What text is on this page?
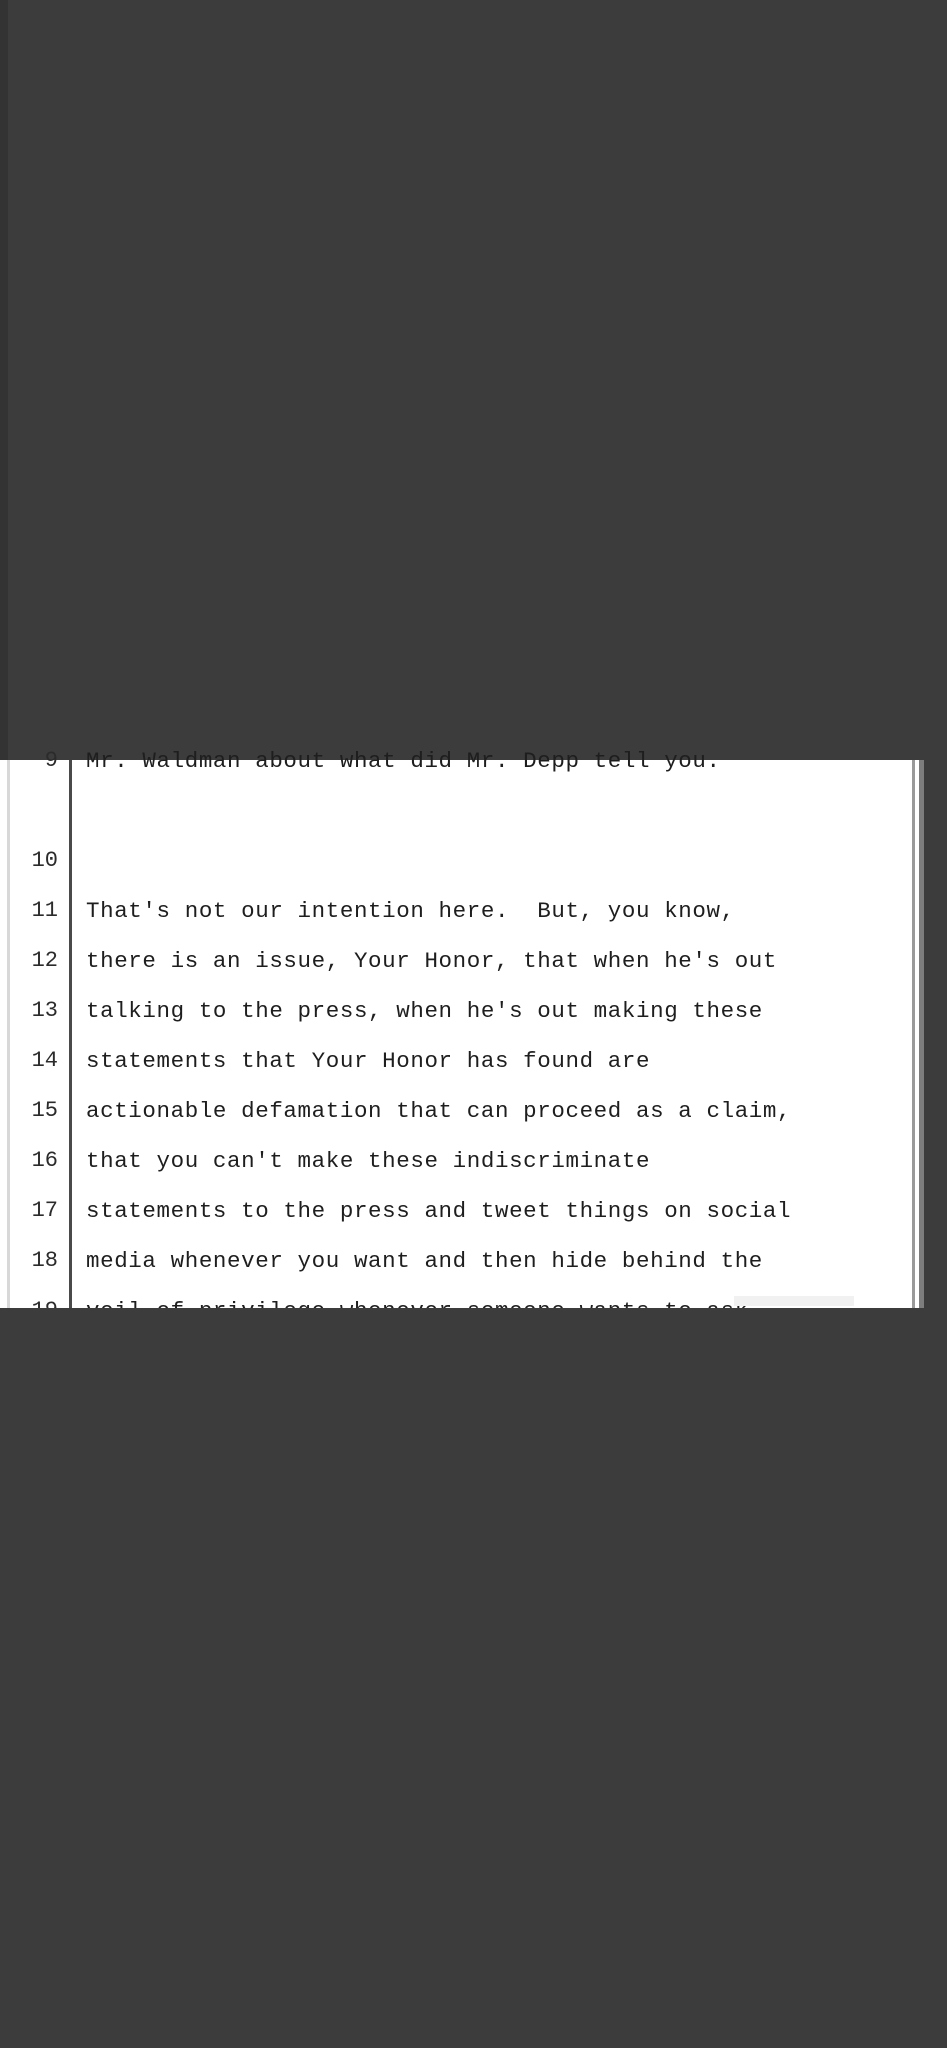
9

Mr. Waldman about what did Mr. Depp tell you.

10

That's not our intention here.  But, you know,

11

there is an issue, Your Honor, that when he's out

12

talking to the press, when he's out making these

13

statements that Your Honor has found are

14

actionable defamation that can proceed as a claim,

15

that you can't make these indiscriminate

16

statements to the press and tweet things on social

17

media whenever you want and then hide behind the

18
